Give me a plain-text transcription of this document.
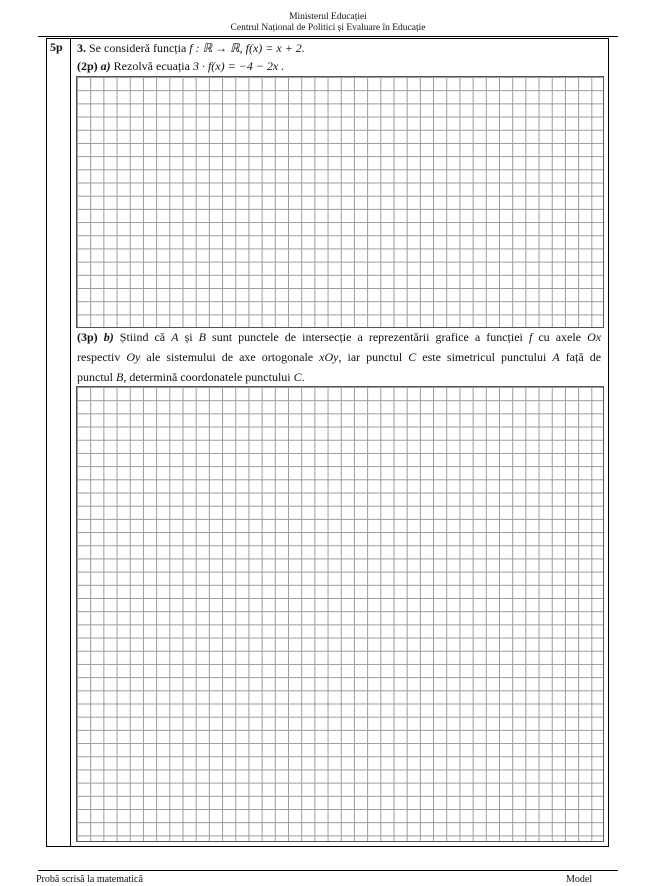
Ministerul Educației
Centrul Național de Politici și Evaluare în Educație
5p 3. Se consideră funcția f : ℝ → ℝ, f(x) = x + 2.
(2p) a) Rezolvă ecuația 3 · f(x) = −4 − 2x .
(3p) b) Știind că A și B sunt punctele de intersecție a reprezentării grafice a funcției f cu axele Ox
respectiv Oy ale sistemului de axe ortogonale xOy, iar punctul C este simetricul punctului A față de
punctul B, determină coordonatele punctului C.
Probă scrisă la matematică	Model
